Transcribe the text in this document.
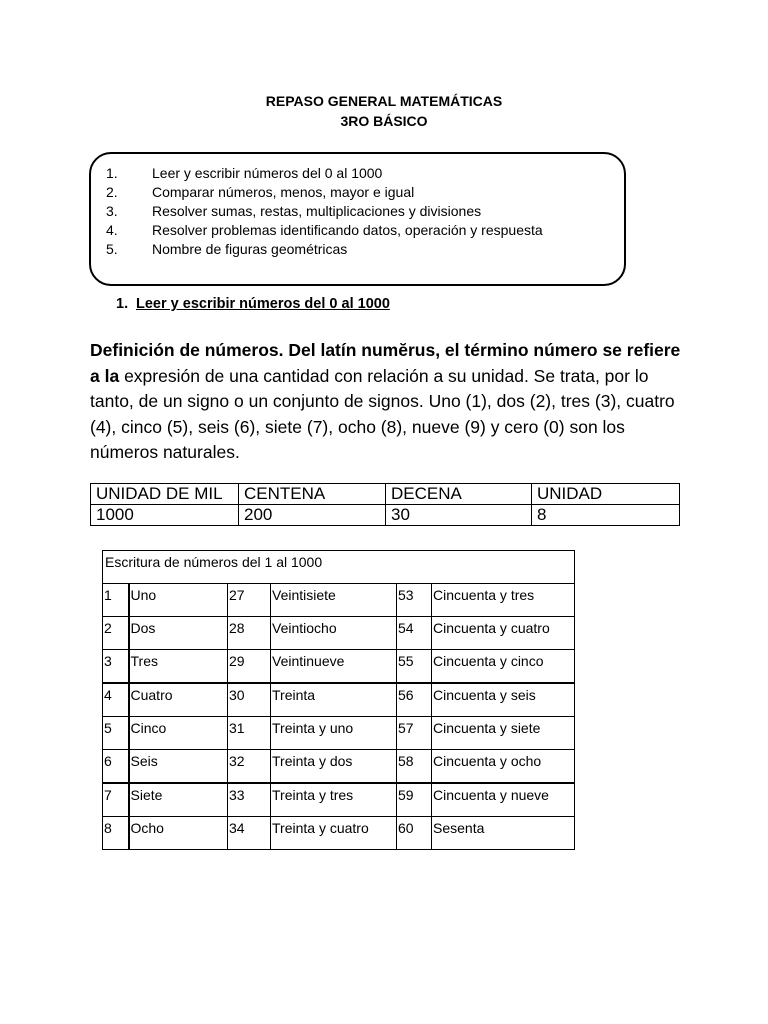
REPASO GENERAL MATEMÁTICAS
3RO BÁSICO
1. Leer y escribir números del 0 al 1000
2. Comparar números, menos, mayor e igual
3. Resolver sumas, restas, multiplicaciones y divisiones
4. Resolver problemas identificando datos, operación y respuesta
5. Nombre de figuras geométricas
1. Leer y escribir números del 0 al 1000

Definición de números. Del latín numĕrus, el término número se refiere a la expresión de una cantidad con relación a su unidad. Se trata, por lo tanto, de un signo o un conjunto de signos. Uno (1), dos (2), tres (3), cuatro (4), cinco (5), seis (6), siete (7), ocho (8), nueve (9) y cero (0) son los números naturales.

UNIDAD DE MIL	CENTENA	DECENA	UNIDAD
1000	200	30	8
Escritura de números del 1 al 1000					
1	Uno	27	Veintisiete	53	Cincuenta y tres
2	Dos	28	Veintiocho	54	Cincuenta y cuatro
3	Tres	29	Veintinueve	55	Cincuenta y cinco
4	Cuatro	30	Treinta	56	Cincuenta y seis
5	Cinco	31	Treinta y uno	57	Cincuenta y siete
6	Seis	32	Treinta y dos	58	Cincuenta y ocho
7	Siete	33	Treinta y tres	59	Cincuenta y nueve
8	Ocho	34	Treinta y cuatro	60	Sesenta
